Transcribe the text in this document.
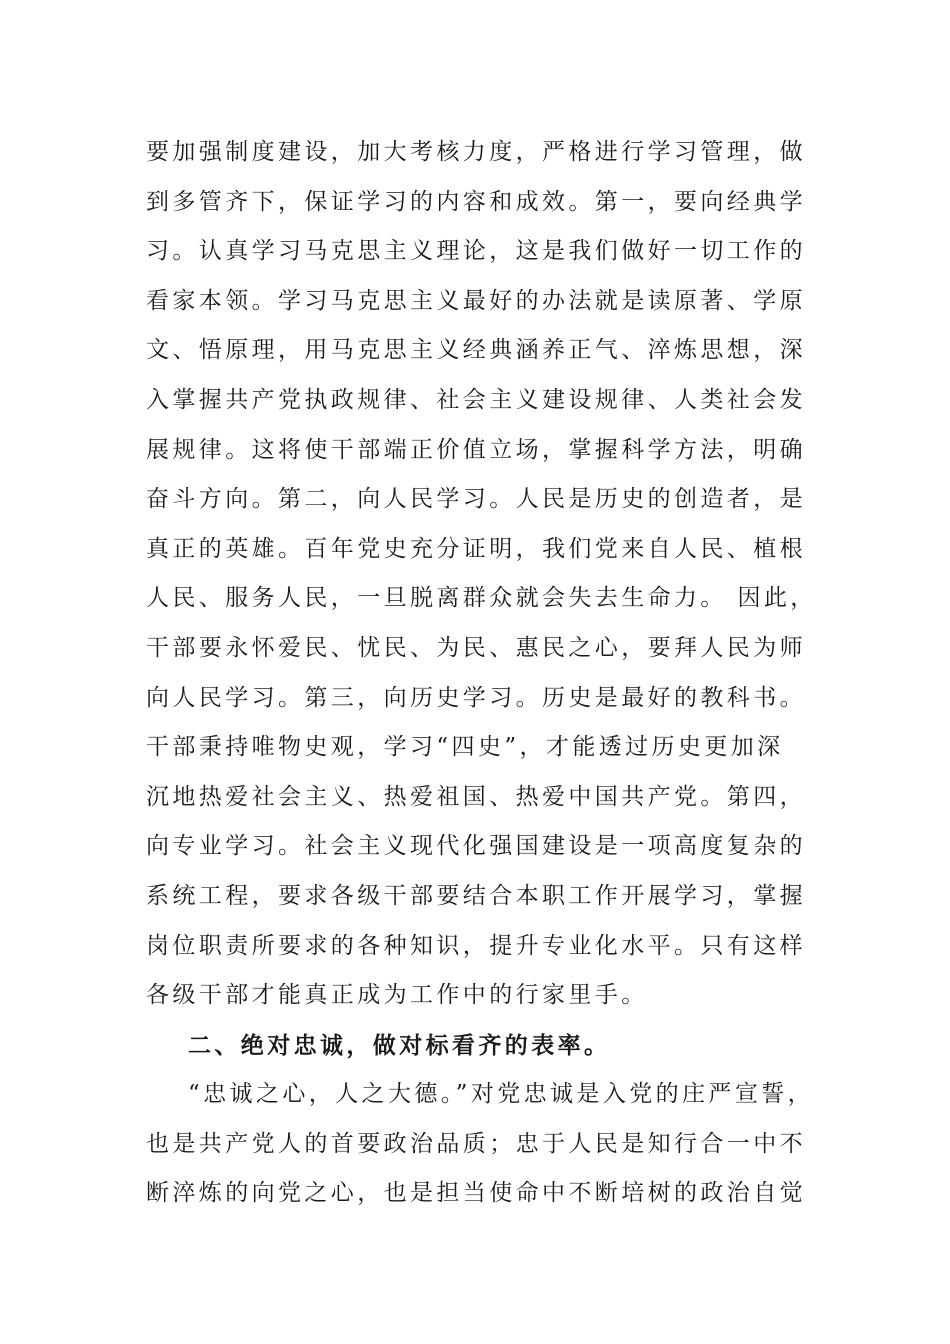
要加强制度建设，加大考核力度，严格进行学习管理，做
到多管齐下，保证学习的内容和成效。第一，要向经典学
习。认真学习马克思主义理论，这是我们做好一切工作的
看家本领。学习马克思主义最好的办法就是读原著、学原
文、悟原理，用马克思主义经典涵养正气、淬炼思想，深
入掌握共产党执政规律、社会主义建设规律、人类社会发
展规律。这将使干部端正价值立场，掌握科学方法，明确
奋斗方向。第二，向人民学习。人民是历史的创造者，是
真正的英雄。百年党史充分证明，我们党来自人民、植根
人民、服务人民，一旦脱离群众就会失去生命力。 因此，
干部要永怀爱民、忧民、为民、惠民之心，要拜人民为师
向人民学习。第三，向历史学习。历史是最好的教科书。
干部秉持唯物史观，学习“四史”，才能透过历史更加深
沉地热爱社会主义、热爱祖国、热爱中国共产党。第四，
向专业学习。社会主义现代化强国建设是一项高度复杂的
系统工程，要求各级干部要结合本职工作开展学习，掌握
岗位职责所要求的各种知识，提升专业化水平。只有这样
各级干部才能真正成为工作中的行家里手。
二、绝对忠诚，做对标看齐的表率。
“忠诚之心，人之大德。”对党忠诚是入党的庄严宣誓，
也是共产党人的首要政治品质；忠于人民是知行合一中不
断淬炼的向党之心，也是担当使命中不断培树的政治自觉
